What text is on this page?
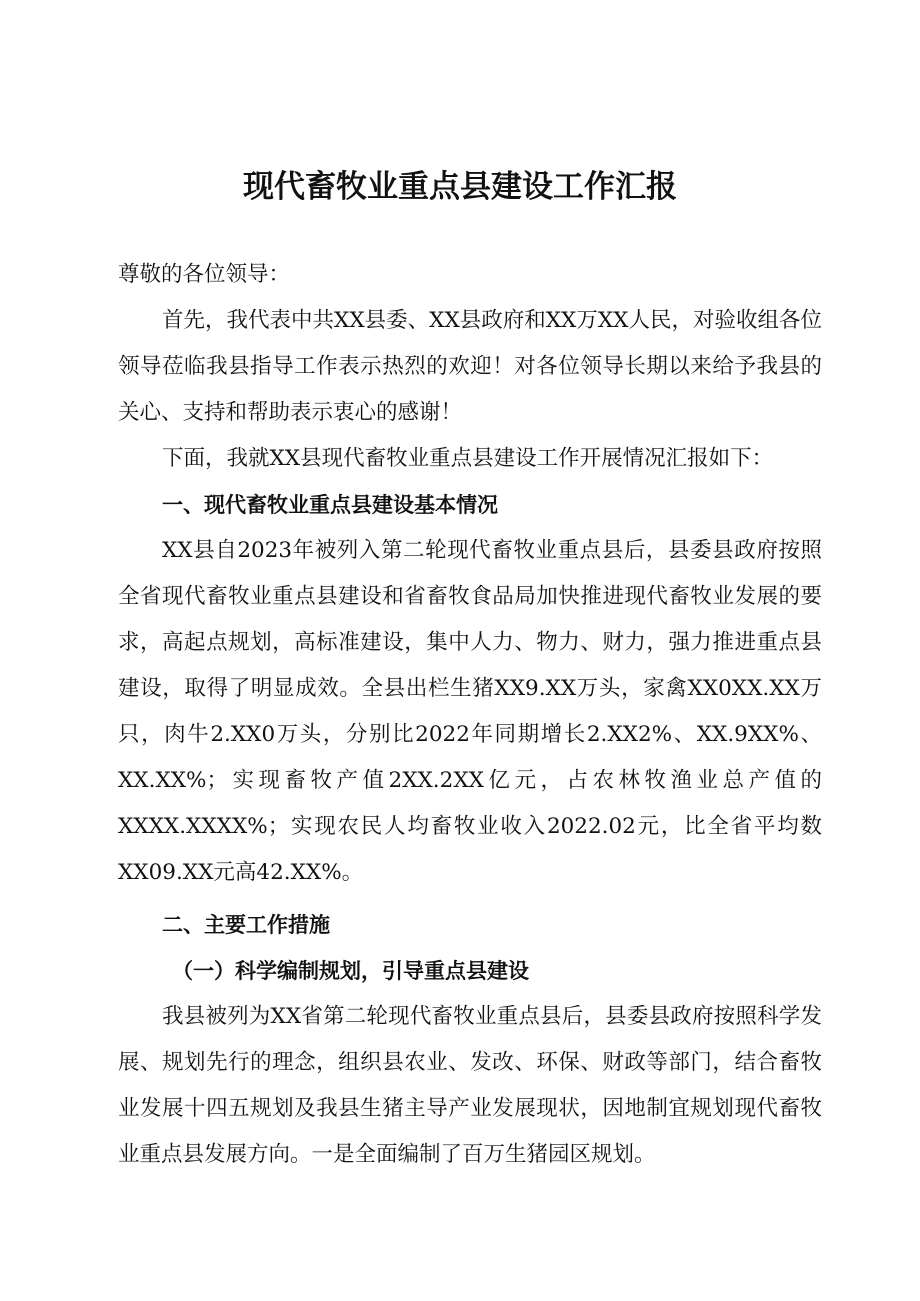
现代畜牧业重点县建设工作汇报

尊敬的各位领导：

首先，我代表中共XX县委、XX县政府和XX万XX人民，对验收组各位领导莅临我县指导工作表示热烈的欢迎！对各位领导长期以来给予我县的关心、支持和帮助表示衷心的感谢！

下面，我就XX县现代畜牧业重点县建设工作开展情况汇报如下：

一、现代畜牧业重点县建设基本情况

XX县自2023年被列入第二轮现代畜牧业重点县后，县委县政府按照全省现代畜牧业重点县建设和省畜牧食品局加快推进现代畜牧业发展的要求，高起点规划，高标准建设，集中人力、物力、财力，强力推进重点县建设，取得了明显成效。全县出栏生猪XX9.XX万头，家禽XX0XX.XX万只，肉牛2.XX0万头，分别比2022年同期增长2.XX2%、XX.9XX%、XX.XX%；实现畜牧产值2XX.2XX亿元，占农林牧渔业总产值的XXXX.XXXX%；实现农民人均畜牧业收入2022.02元，比全省平均数XX09.XX元高42.XX%。

二、主要工作措施

（一）科学编制规划，引导重点县建设

我县被列为XX省第二轮现代畜牧业重点县后，县委县政府按照科学发展、规划先行的理念，组织县农业、发改、环保、财政等部门，结合畜牧业发展十四五规划及我县生猪主导产业发展现状，因地制宜规划现代畜牧业重点县发展方向。一是全面编制了百万生猪园区规划。
